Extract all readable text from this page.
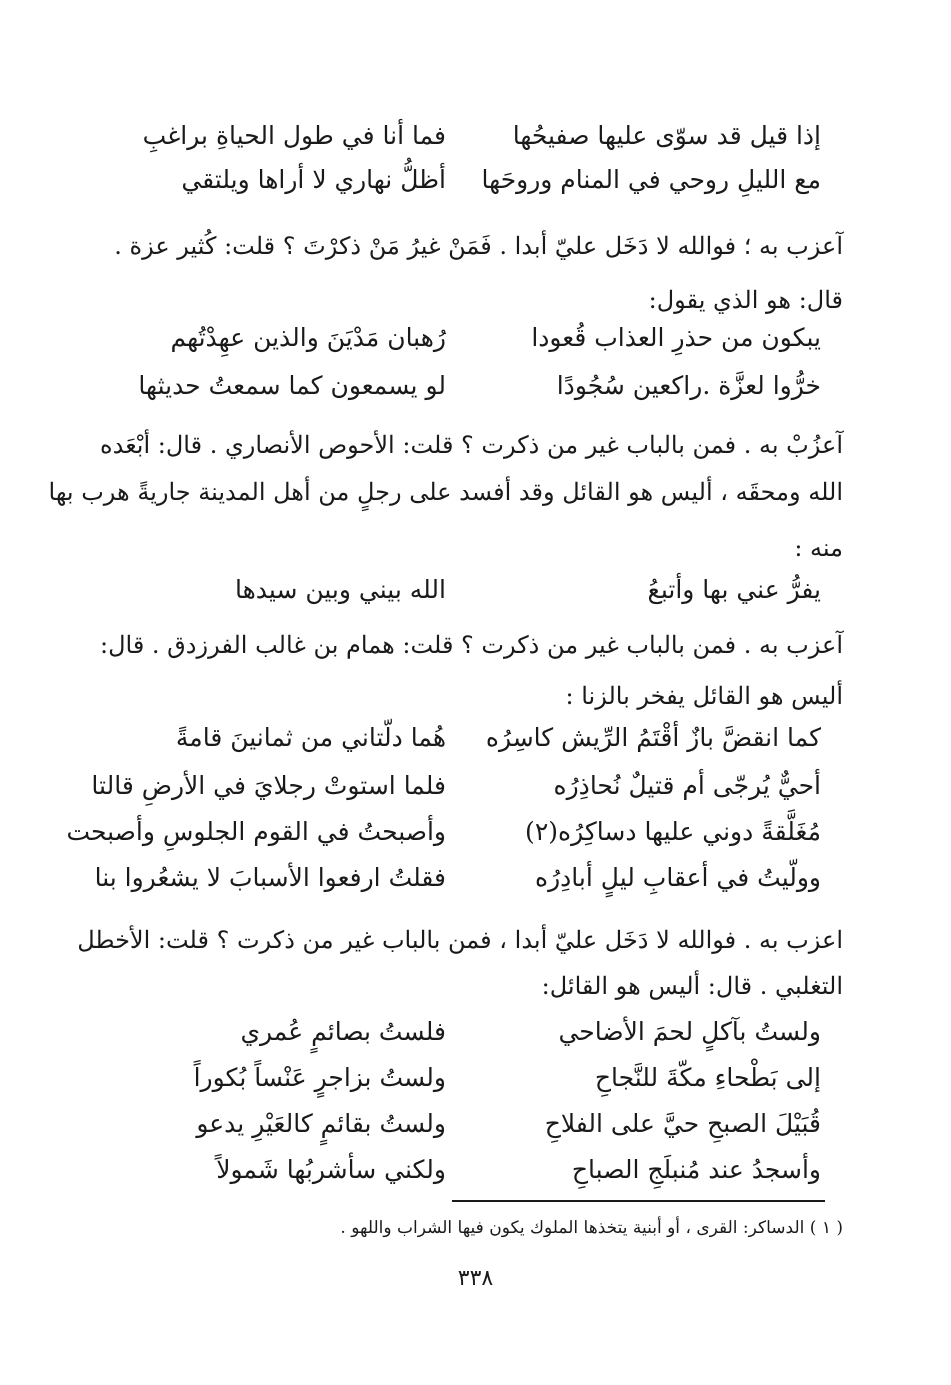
فما أنا في طول الحياةِ براغبِ	إذا قيل قد سوّى عليها صفيحُها
أظلُّ نهاري لا أراها ويلتقي	مع الليلِ روحي في المنام وروحَها
آعزب به ؛ فوالله لا دَخَل عليّ أبدا . فَمَنْ غيرُ مَنْ ذكرْتَ ؟ قلت: كُثير عزة .
قال: هو الذي يقول:
رُهبان مَدْيَنَ والذين عهِدْتُهم	يبكون من حذرِ العذاب قُعودا
لو يسمعون كما سمعتُ حديثها	خرُّوا لعزَّة .راكعين سُجُودًا
آعزُبْ به . فمن بالباب غير من ذكرت ؟ قلت: الأحوص الأنصاري . قال: أبْعَده
الله ومحقَه ، أليس هو القائل وقد أفسد على رجلٍ من أهل المدينة جاريةً هرب بها
منه :
الله بيني وبين سيدها	يفرُّ عني بها وأتبعُ
آعزب به . فمن بالباب غير من ذكرت ؟ قلت: همام بن غالب الفرزدق . قال:
أليس هو القائل يفخر بالزنا :
هُما دلّتاني من ثمانينَ قامةً	كما انقضَّ بازٌ أقْتَمُ الرِّيش كاسِرُه
فلما استوتْ رجلايَ في الأرضِ قالتا	أحيٌّ يُرجّى أم قتيلٌ نُحاذِرُه
وأصبحتُ في القوم الجلوسِ وأصبحت	مُغَلَّقةً دوني عليها دساكِرُه(٢)
فقلتُ ارفعوا الأسبابَ لا يشعُروا بنا	وولّيتُ في أعقابِ ليلٍ أبادِرُه
اعزب به . فوالله لا دَخَل عليّ أبدا ، فمن بالباب غير من ذكرت ؟ قلت: الأخطل
التغلبي . قال: أليس هو القائل:
فلستُ بصائمٍ عُمري	ولستُ بآكلٍ لحمَ الأضاحي
ولستُ بزاجرٍ عَنْساً بُكوراً	إلى بَطْحاءِ مكّةَ للنَّجاحِ
ولستُ بقائمٍ كالعَيْرِ يدعو	قُبَيْلَ الصبحِ حيَّ على الفلاحِ
ولكني سأشربُها شَمولاً	وأسجدُ عند مُنبلَجِ الصباحِ
( ١ ) الدساكر: القرى ، أو أبنية يتخذها الملوك يكون فيها الشراب واللهو .
٣٣٨
